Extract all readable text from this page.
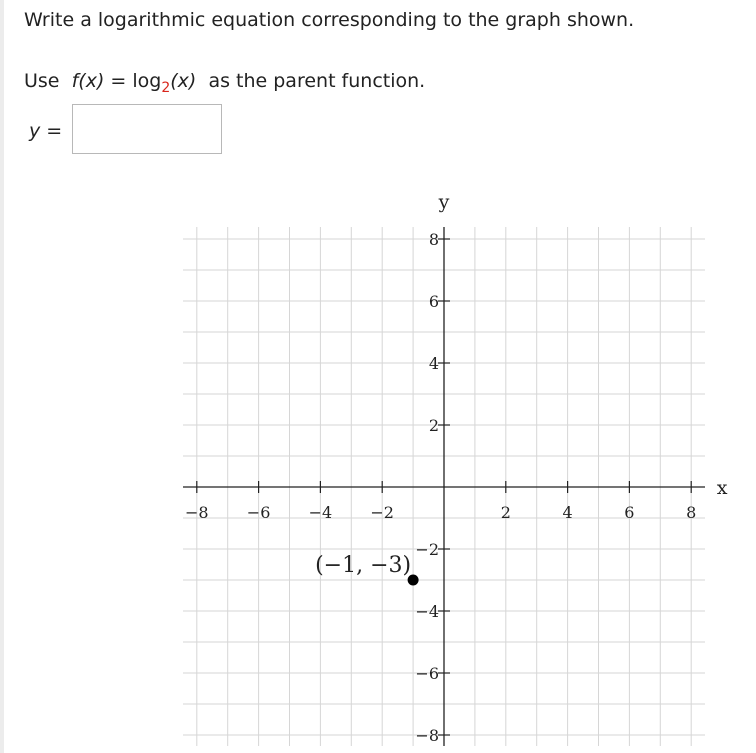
Write a logarithmic equation corresponding to the graph shown.
Use $f(x) = \log_2(x)$ as the parent function.
y =
x
y
−8 −6 −4 −2	2	4	6	8
−8
−6
−4
−2
2
4
6
8
(−1, −3)
